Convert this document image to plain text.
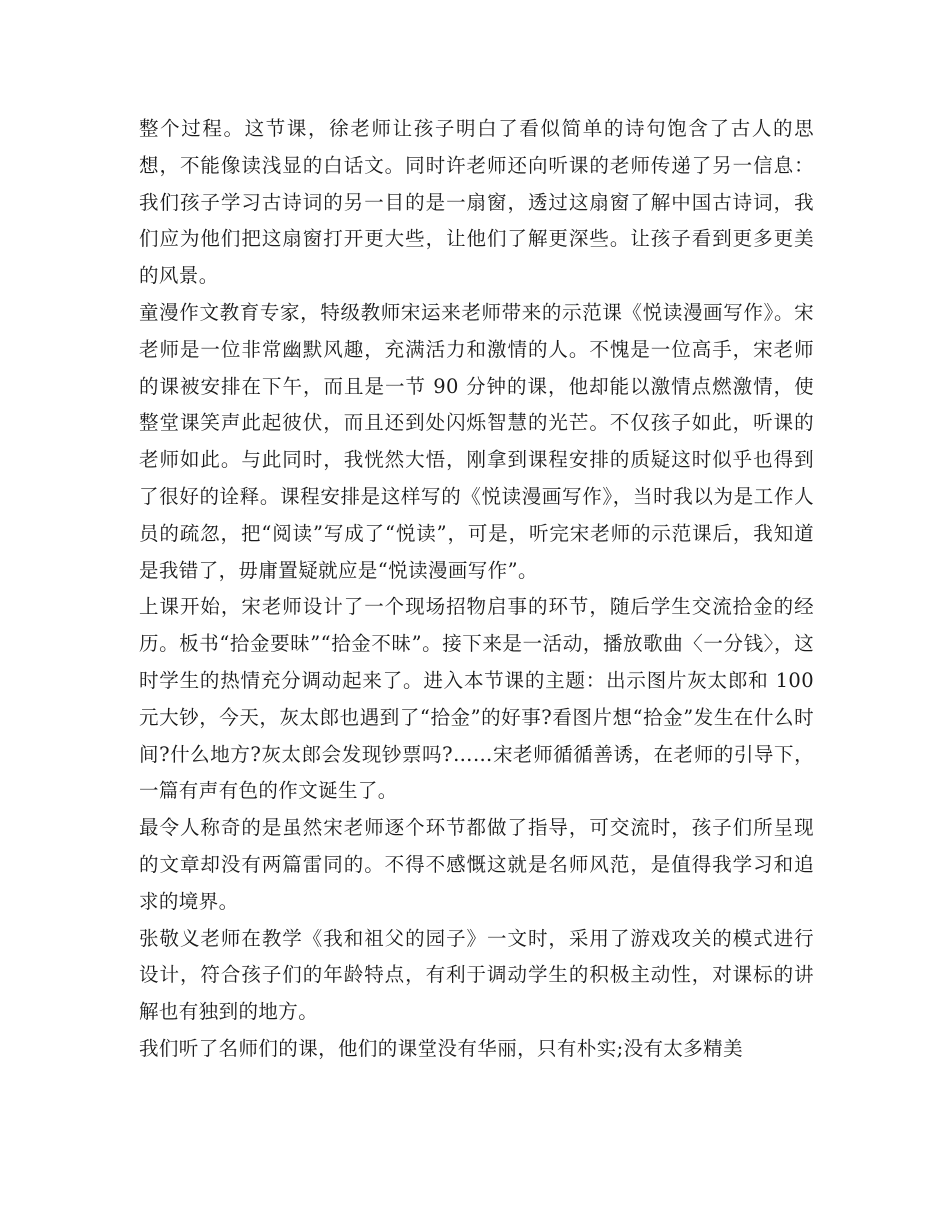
整个过程。这节课，徐老师让孩子明白了看似简单的诗句饱含了古人的思想，不能像读浅显的白话文。同时许老师还向听课的老师传递了另一信息：我们孩子学习古诗词的另一目的是一扇窗，透过这扇窗了解中国古诗词，我们应为他们把这扇窗打开更大些，让他们了解更深些。让孩子看到更多更美的风景。

童漫作文教育专家，特级教师宋运来老师带来的示范课《悦读漫画写作》。宋老师是一位非常幽默风趣，充满活力和激情的人。不愧是一位高手，宋老师的课被安排在下午，而且是一节 90 分钟的课，他却能以激情点燃激情，使整堂课笑声此起彼伏，而且还到处闪烁智慧的光芒。不仅孩子如此，听课的老师如此。与此同时，我恍然大悟，刚拿到课程安排的质疑这时似乎也得到了很好的诠释。课程安排是这样写的《悦读漫画写作》，当时我以为是工作人员的疏忽，把“阅读”写成了“悦读”，可是，听完宋老师的示范课后，我知道是我错了，毋庸置疑就应是“悦读漫画写作”。

上课开始，宋老师设计了一个现场招物启事的环节，随后学生交流拾金的经历。板书“拾金要昧”“拾金不昧”。接下来是一活动，播放歌曲〈一分钱〉，这时学生的热情充分调动起来了。进入本节课的主题：出示图片灰太郎和 100 元大钞，今天，灰太郎也遇到了“拾金”的好事?看图片想“拾金”发生在什么时间?什么地方?灰太郎会发现钞票吗?……宋老师循循善诱，在老师的引导下，一篇有声有色的作文诞生了。

最令人称奇的是虽然宋老师逐个环节都做了指导，可交流时，孩子们所呈现的文章却没有两篇雷同的。不得不感慨这就是名师风范，是值得我学习和追求的境界。

张敬义老师在教学《我和祖父的园子》一文时，采用了游戏攻关的模式进行设计，符合孩子们的年龄特点，有利于调动学生的积极主动性，对课标的讲解也有独到的地方。

我们听了名师们的课，他们的课堂没有华丽，只有朴实;没有太多精美
